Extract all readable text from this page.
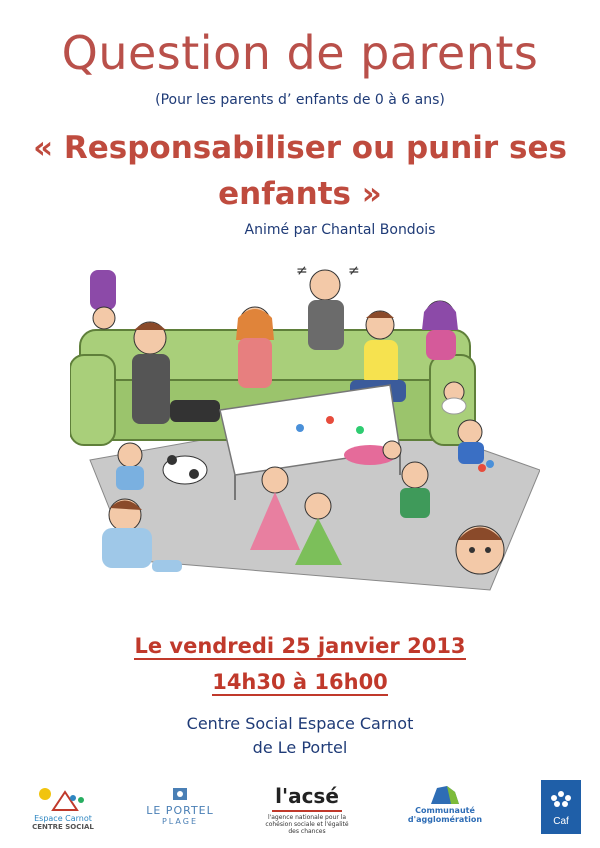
Question de parents
(Pour les parents d’ enfants de 0 à 6 ans)
« Responsabiliser ou punir ses
enfants »
Animé par Chantal Bondois
≠	≠
Le vendredi 25 janvier 2013
14h30 à 16h00
Centre Social Espace Carnot
de Le Portel
Espace Carnot
CENTRE SOCIAL
LE PORTEL
PLAGE
l'acsé
l'agence nationale pour la cohésion sociale et l'égalité des chances
Communauté d'agglomération	Caf
